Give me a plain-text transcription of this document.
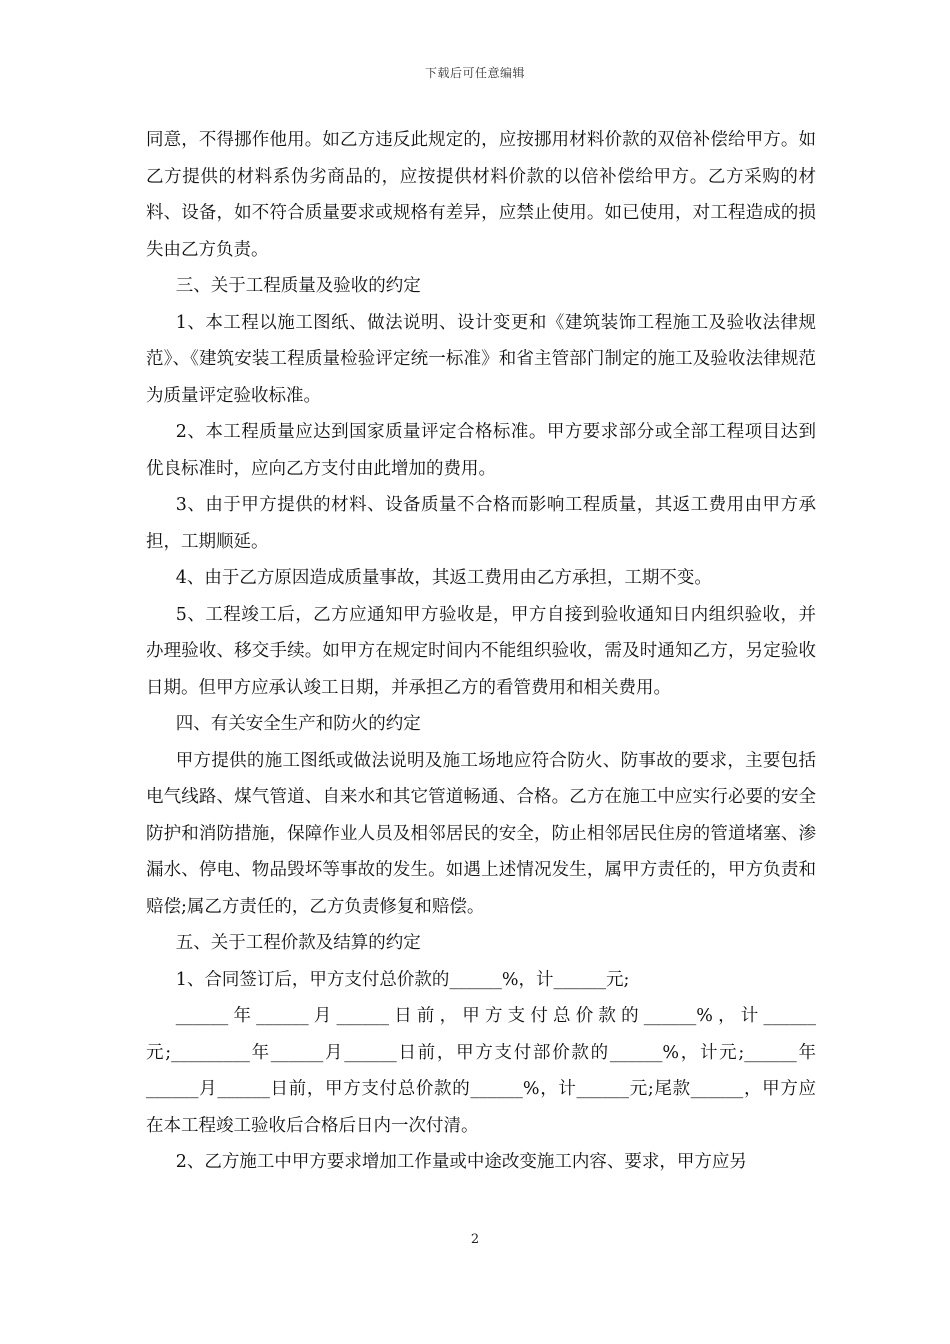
下载后可任意编辑

同意，不得挪作他用。如乙方违反此规定的，应按挪用材料价款的双倍补偿给甲方。如乙方提供的材料系伪劣商品的，应按提供材料价款的以倍补偿给甲方。乙方采购的材料、设备，如不符合质量要求或规格有差异，应禁止使用。如已使用，对工程造成的损失由乙方负责。

三、关于工程质量及验收的约定

1、本工程以施工图纸、做法说明、设计变更和《建筑装饰工程施工及验收法律规范》、《建筑安装工程质量检验评定统一标准》和省主管部门制定的施工及验收法律规范为质量评定验收标准。

2、本工程质量应达到国家质量评定合格标准。甲方要求部分或全部工程项目达到优良标准时，应向乙方支付由此增加的费用。

3、由于甲方提供的材料、设备质量不合格而影响工程质量，其返工费用由甲方承担，工期顺延。

4、由于乙方原因造成质量事故，其返工费用由乙方承担，工期不变。

5、工程竣工后，乙方应通知甲方验收是，甲方自接到验收通知日内组织验收，并办理验收、移交手续。如甲方在规定时间内不能组织验收，需及时通知乙方，另定验收日期。但甲方应承认竣工日期，并承担乙方的看管费用和相关费用。

四、有关安全生产和防火的约定

甲方提供的施工图纸或做法说明及施工场地应符合防火、防事故的要求，主要包括电气线路、煤气管道、自来水和其它管道畅通、合格。乙方在施工中应实行必要的安全防护和消防措施，保障作业人员及相邻居民的安全，防止相邻居民住房的管道堵塞、渗漏水、停电、物品毁坏等事故的发生。如遇上述情况发生，属甲方责任的，甲方负责和赔偿;属乙方责任的，乙方负责修复和赔偿。

五、关于工程价款及结算的约定

1、合同签订后，甲方支付总价款的______%，计______元;

______年______月______日前，甲方支付总价款的______%，计______元;_________年______月______日前，甲方支付部价款的______%，计元;______年______月______日前，甲方支付总价款的______%，计______元;尾款______，甲方应在本工程竣工验收后合格后日内一次付清。

2、乙方施工中甲方要求增加工作量或中途改变施工内容、要求，甲方应另

2
